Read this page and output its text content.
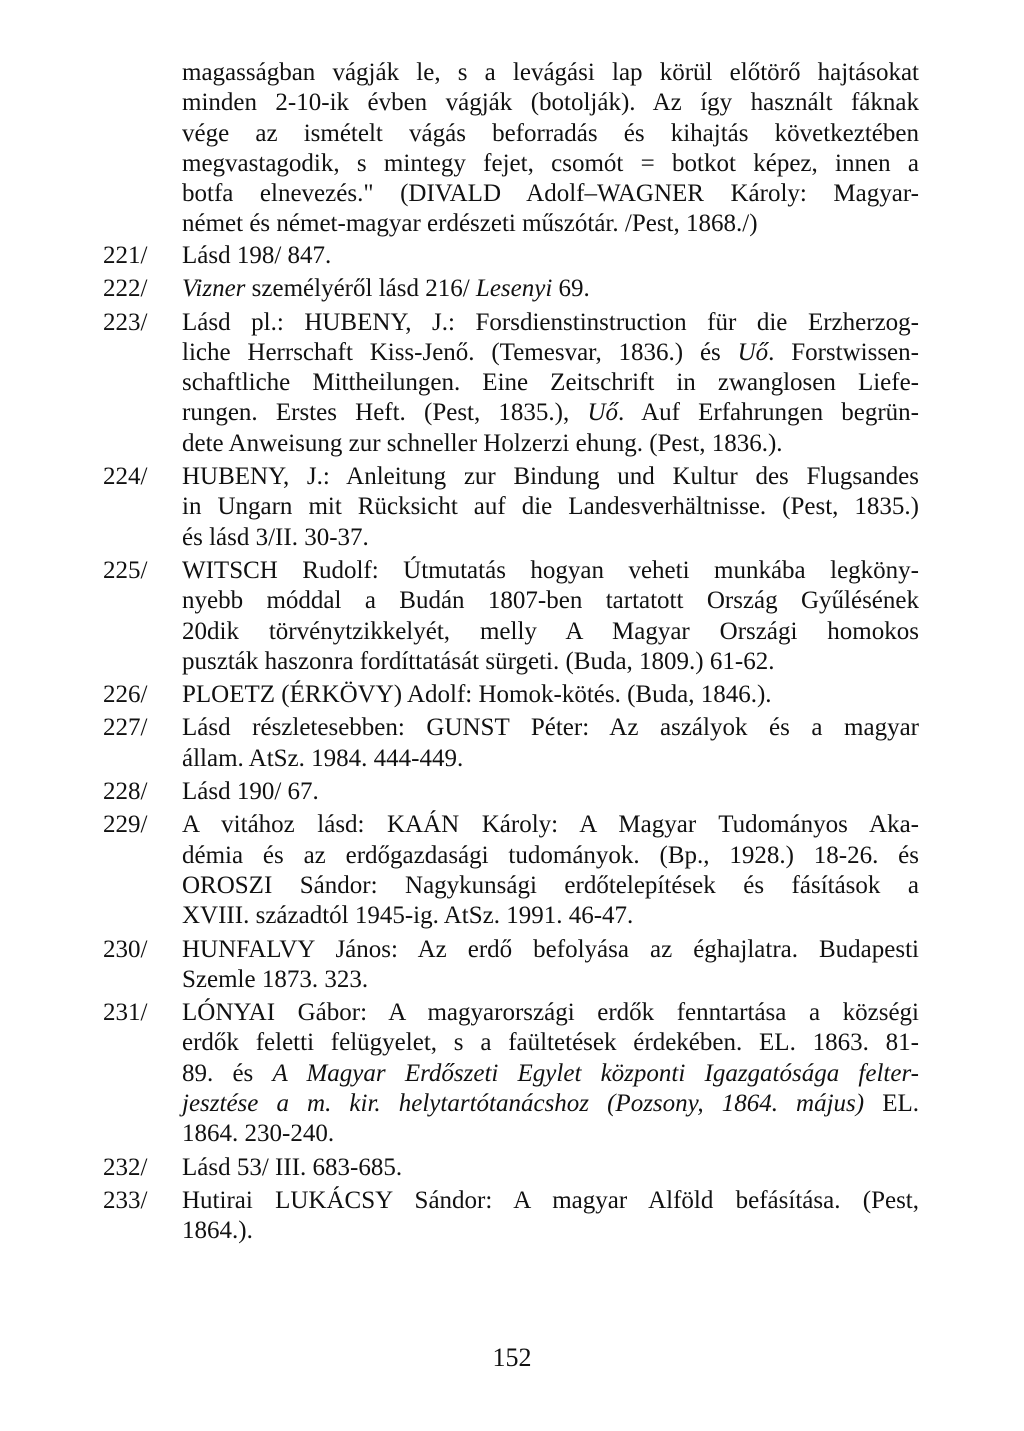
magasságban vágják le, s a levágási lap körül előtörő hajtásokat
minden 2-10-ik évben vágják (botolják). Az így használt fáknak
vége az ismételt vágás beforradás és kihajtás következtében
megvastagodik, s mintegy fejet, csomót = botkot képez, innen a
botfa elnevezés." (DIVALD Adolf–WAGNER Károly: Magyar-
német és német-magyar erdészeti műszótár. /Pest, 1868./)
221/	Lásd 198/ 847.
222/	Vizner személyéről lásd 216/ Lesenyi 69.
223/	Lásd pl.: HUBENY, J.: Forsdienstinstruction für die Erzherzog-
liche Herrschaft Kiss-Jenő. (Temesvar, 1836.) és Uő. Forstwissen-
schaftliche Mittheilungen. Eine Zeitschrift in zwanglosen Liefe-
rungen. Erstes Heft. (Pest, 1835.), Uő. Auf Erfahrungen begrün-
dete Anweisung zur schneller Holzerzi ehung. (Pest, 1836.).
224/	HUBENY, J.: Anleitung zur Bindung und Kultur des Flugsandes
in Ungarn mit Rücksicht auf die Landesverhältnisse. (Pest, 1835.)
és lásd 3/II. 30-37.
225/	WITSCH Rudolf: Útmutatás hogyan veheti munkába legköny-
nyebb móddal a Budán 1807-ben tartatott Ország Gyűlésének
20dik törvénytzikkelyét, melly A Magyar Országi homokos
puszták haszonra fordíttatását sürgeti. (Buda, 1809.) 61-62.
226/	PLOETZ (ÉRKÖVY) Adolf: Homok-kötés. (Buda, 1846.).
227/	Lásd részletesebben: GUNST Péter: Az aszályok és a magyar
állam. AtSz. 1984. 444-449.
228/	Lásd 190/ 67.
229/	A vitához lásd: KAÁN Károly: A Magyar Tudományos Aka-
démia és az erdőgazdasági tudományok. (Bp., 1928.) 18-26. és
OROSZI Sándor: Nagykunsági erdőtelepítések és fásítások a
XVIII. századtól 1945-ig. AtSz. 1991. 46-47.
230/	HUNFALVY János: Az erdő befolyása az éghajlatra. Budapesti
Szemle 1873. 323.
231/	LÓNYAI Gábor: A magyarországi erdők fenntartása a községi
erdők feletti felügyelet, s a faültetések érdekében. EL. 1863. 81-
89. és A Magyar Erdőszeti Egylet központi Igazgatósága felter-
jesztése a m. kir. helytartótanácshoz (Pozsony, 1864. május) EL.
1864. 230-240.
232/	Lásd 53/ III. 683-685.
233/	Hutirai LUKÁCSY Sándor: A magyar Alföld befásítása. (Pest,
1864.).
152
